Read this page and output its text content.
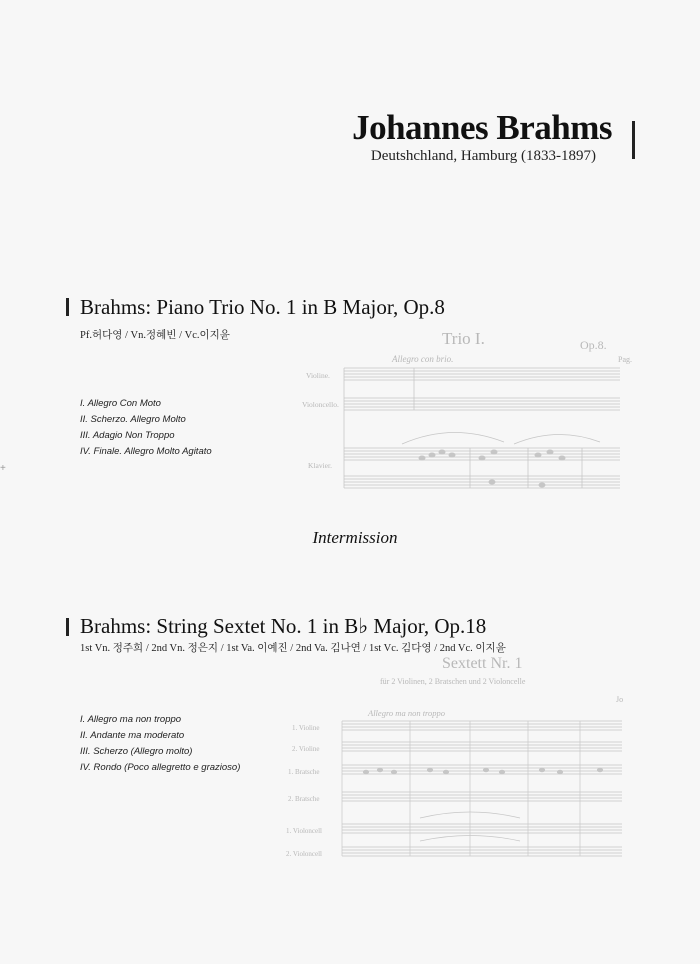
Johannes Brahms
Deutshchland, Hamburg (1833-1897)
Trio I.	Op.8.
Pag.
Allegro con brio.
Violine.
Violoncello.
Klavier.
Sextett Nr. 1
für 2 Violinen, 2 Bratschen und 2 Violoncelle
Jo
Allegro ma non troppo
1. Violine
2. Violine
1. Bratsche
2. Bratsche
1. Violoncell
2. Violoncell
+
Brahms: Piano Trio No. 1 in B Major, Op.8
Pf.허다영 / Vn.정혜빈 / Vc.이지윤
I. Allegro Con Moto
II. Scherzo. Allegro Molto
III. Adagio Non Troppo
IV. Finale. Allegro Molto Agitato
Intermission
Brahms: String Sextet No. 1 in B♭ Major, Op.18
1st Vn. 정주희 / 2nd Vn. 정은지 / 1st Va. 이예진 / 2nd Va. 김나연 / 1st Vc. 김다영 / 2nd Vc. 이지윤
I. Allegro ma non troppo
II. Andante ma moderato
III. Scherzo (Allegro molto)
IV. Rondo (Poco allegretto e grazioso)
